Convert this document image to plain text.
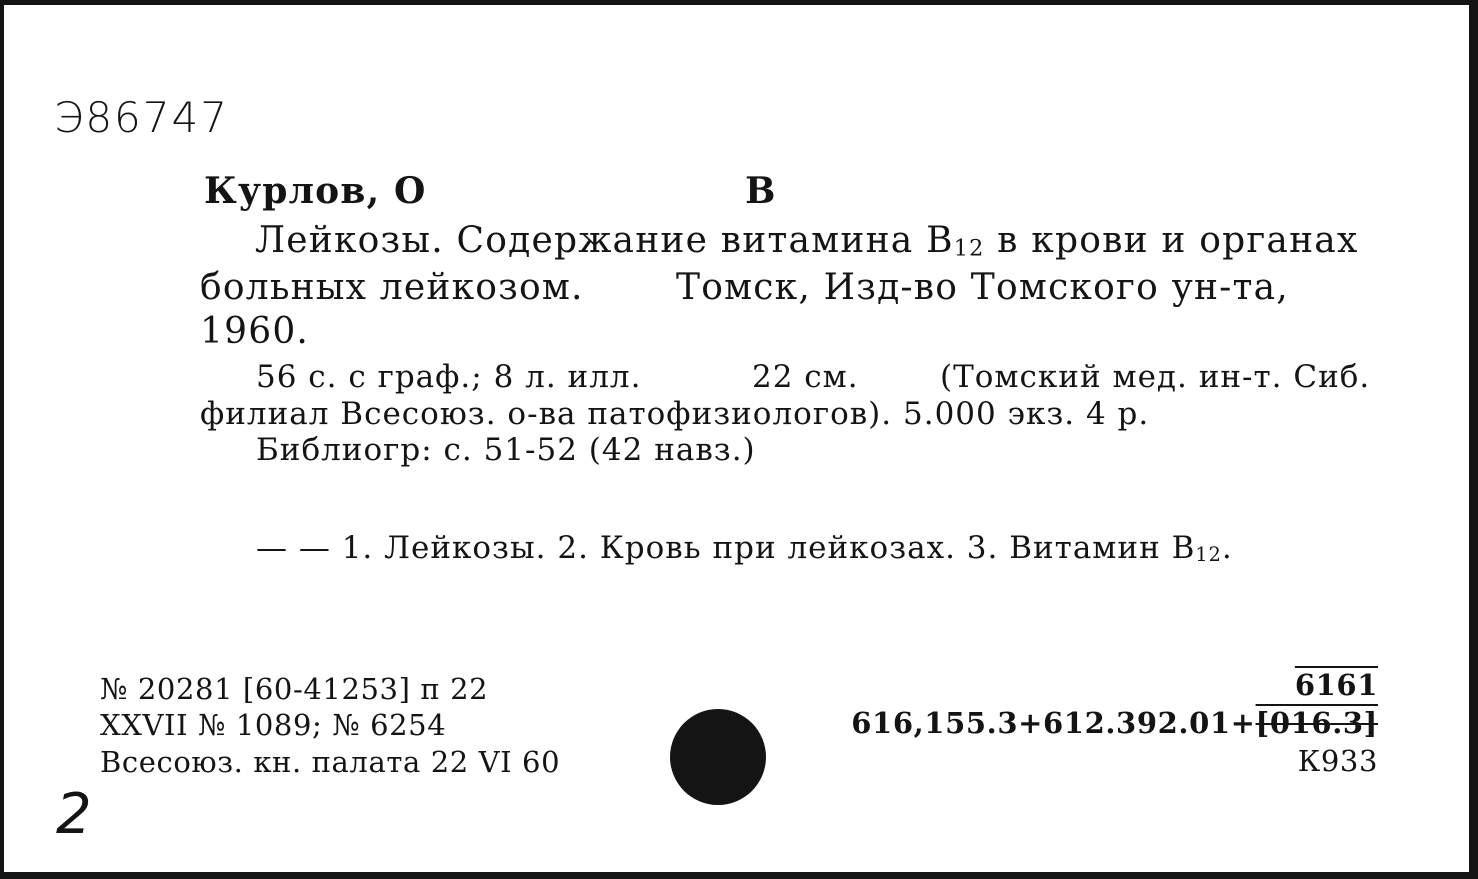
Э86747
Курлов, О	В
Лейкозы. Содержание витамина $В_{12}$ в крови и органах
больных лейкозом.	Томск, Изд-во Томского ун-та,
1960.
56 с. с граф.; 8 л. илл.	22 см.	(Томский мед. ин-т. Сиб.
филиал Всесоюз. о-ва патофизиологов). 5.000 экз. 4 р.
Библиогр: с. 51-52 (42 навз.)
— — 1. Лейкозы. 2. Кровь при лейкозах. 3. Витамин $В_{12}$.
№ 20281 [60-41253] п 22
XXVII № 1089; № 6254
Всесоюз. кн. палата 22 VI 60
6161
616,155.3+612.392.01+[016.3]
К933
2
